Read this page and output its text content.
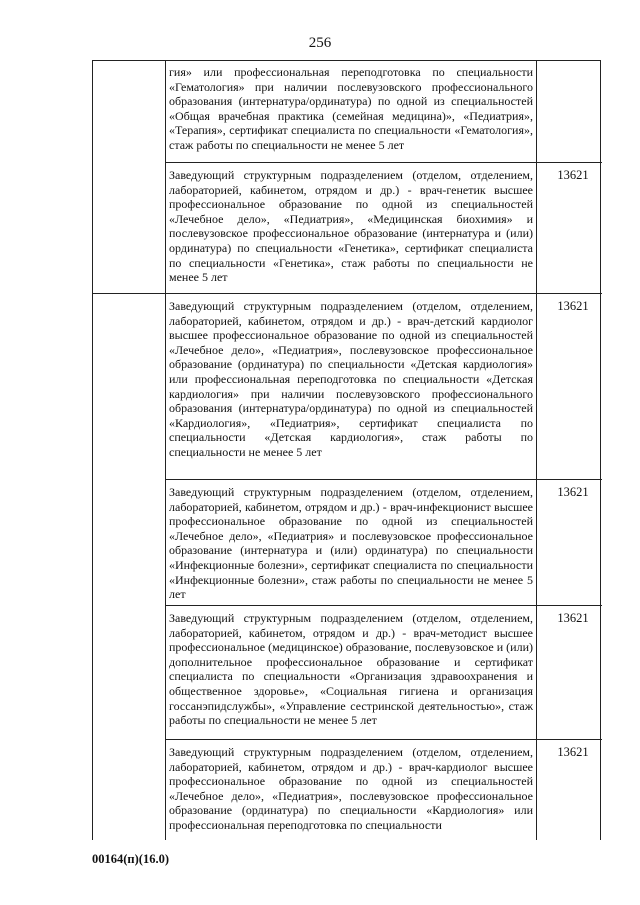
256
гия» или профессиональная переподготовка по специальности «Гематология» при наличии послевузовского профессионального образования (интернатура/ординатура) по одной из специальностей «Общая врачебная практика (семейная медицина)», «Педиатрия», «Терапия», сертификат специалиста по специальности «Гематология», стаж работы по специальности не менее 5 лет
Заведующий структурным подразделением (отделом, отделением, лабораторией, кабинетом, отрядом и др.) - врач-генетик высшее профессиональное образование по одной из специальностей «Лечебное дело», «Педиатрия», «Медицинская биохимия» и послевузовское профессиональное образование (интернатура и (или) ординатура) по специальности «Генетика», сертификат специалиста по специальности «Генетика», стаж работы по специальности не менее 5 лет
13621
Заведующий структурным подразделением (отделом, отделением, лабораторией, кабинетом, отрядом и др.) - врач-детский кардиолог высшее профессиональное образование по одной из специальностей «Лечебное дело», «Педиатрия», послевузовское профессиональное образование (ординатура) по специальности «Детская кардиология» или профессиональная переподготовка по специальности «Детская кардиология» при наличии послевузовского профессионального образования (интернатура/ординатура) по одной из специальностей «Кардиология», «Педиатрия», сертификат специалиста по специальности «Детская кардиология», стаж работы по специальности не менее 5 лет
13621
Заведующий структурным подразделением (отделом, отделением, лабораторией, кабинетом, отрядом и др.) - врач-инфекционист высшее профессиональное образование по одной из специальностей «Лечебное дело», «Педиатрия» и послевузовское профессиональное образование (интернатура и (или) ординатура) по специальности «Инфекционные болезни», сертификат специалиста по специальности «Инфекционные болезни», стаж работы по специальности не менее 5 лет
13621
Заведующий структурным подразделением (отделом, отделением, лабораторией, кабинетом, отрядом и др.) - врач-методист высшее профессиональное (медицинское) образование, послевузовское и (или) дополнительное профессиональное образование и сертификат специалиста по специальности «Организация здравоохранения и общественное здоровье», «Социальная гигиена и организация госсанэпидслужбы», «Управление сестринской деятельностью», стаж работы по специальности не менее 5 лет
13621
Заведующий структурным подразделением (отделом, отделением, лабораторией, кабинетом, отрядом и др.) - врач-кардиолог высшее профессиональное образование по одной из специальностей «Лечебное дело», «Педиатрия», послевузовское профессиональное образование (ординатура) по специальности «Кардиология» или профессиональная переподготовка по специальности
13621
00164(п)(16.0)
